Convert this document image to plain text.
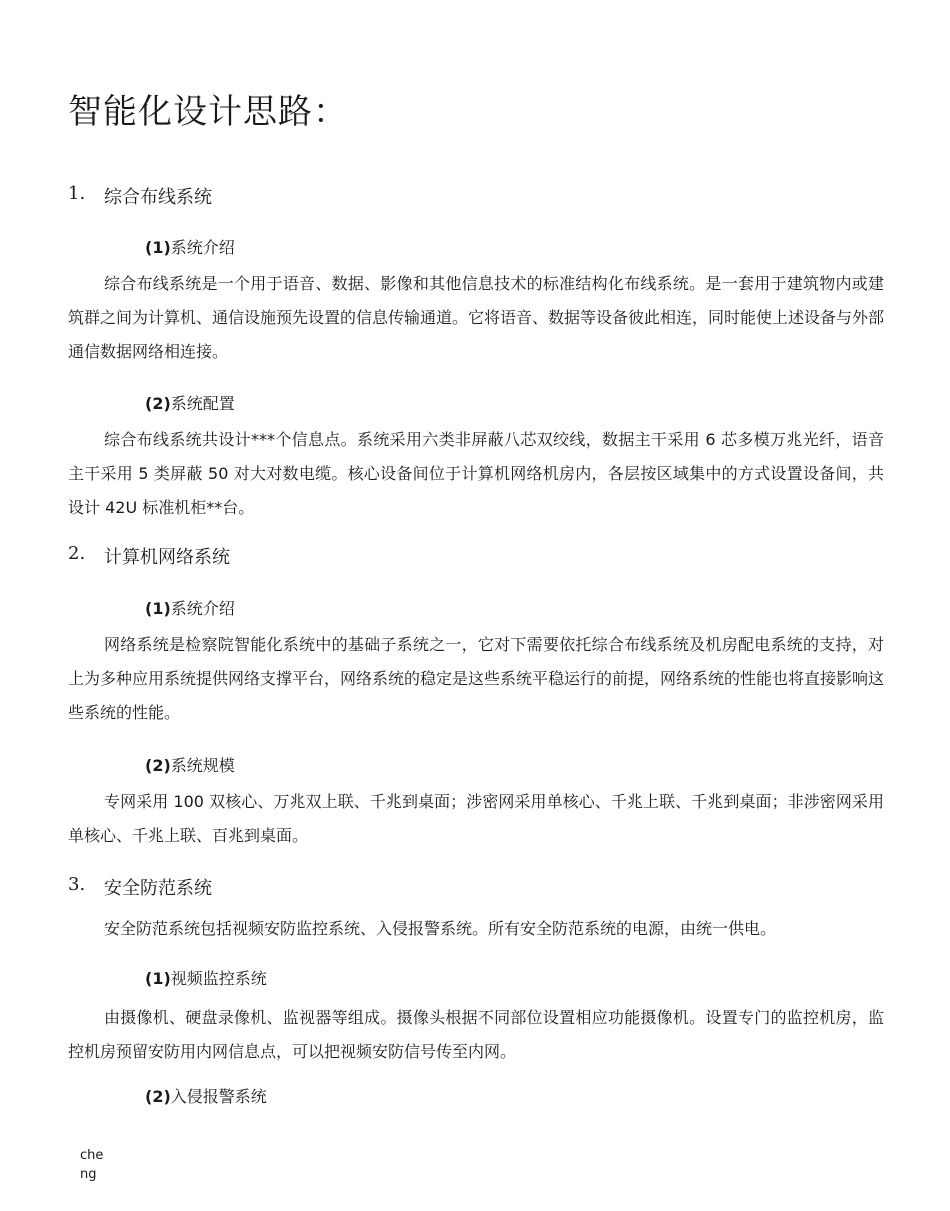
智能化设计思路：
1.	综合布线系统
(1)系统介绍

综合布线系统是一个用于语音、数据、影像和其他信息技术的标准结构化布线系统。是一套用于建筑物内或建筑群之间为计算机、通信设施预先设置的信息传输通道。它将语音、数据等设备彼此相连，同时能使上述设备与外部通信数据网络相连接。

(2)系统配置

综合布线系统共设计***个信息点。系统采用六类非屏蔽八芯双绞线，数据主干采用 6 芯多模万兆光纤，语音主干采用 5 类屏蔽 50 对大对数电缆。核心设备间位于计算机网络机房内，各层按区域集中的方式设置设备间，共设计 42U 标准机柜**台。

2.	计算机网络系统
(1)系统介绍

网络系统是检察院智能化系统中的基础子系统之一，它对下需要依托综合布线系统及机房配电系统的支持，对上为多种应用系统提供网络支撑平台，网络系统的稳定是这些系统平稳运行的前提，网络系统的性能也将直接影响这些系统的性能。

(2)系统规模

专网采用 100 双核心、万兆双上联、千兆到桌面；涉密网采用单核心、千兆上联、千兆到桌面；非涉密网采用单核心、千兆上联、百兆到桌面。

3.	安全防范系统

安全防范系统包括视频安防监控系统、入侵报警系统。所有安全防范系统的电源，由统一供电。

(1)视频监控系统

由摄像机、硬盘录像机、监视器等组成。摄像头根据不同部位设置相应功能摄像机。设置专门的监控机房，监控机房预留安防用内网信息点，可以把视频安防信号传至内网。

(2)入侵报警系统
cheng
